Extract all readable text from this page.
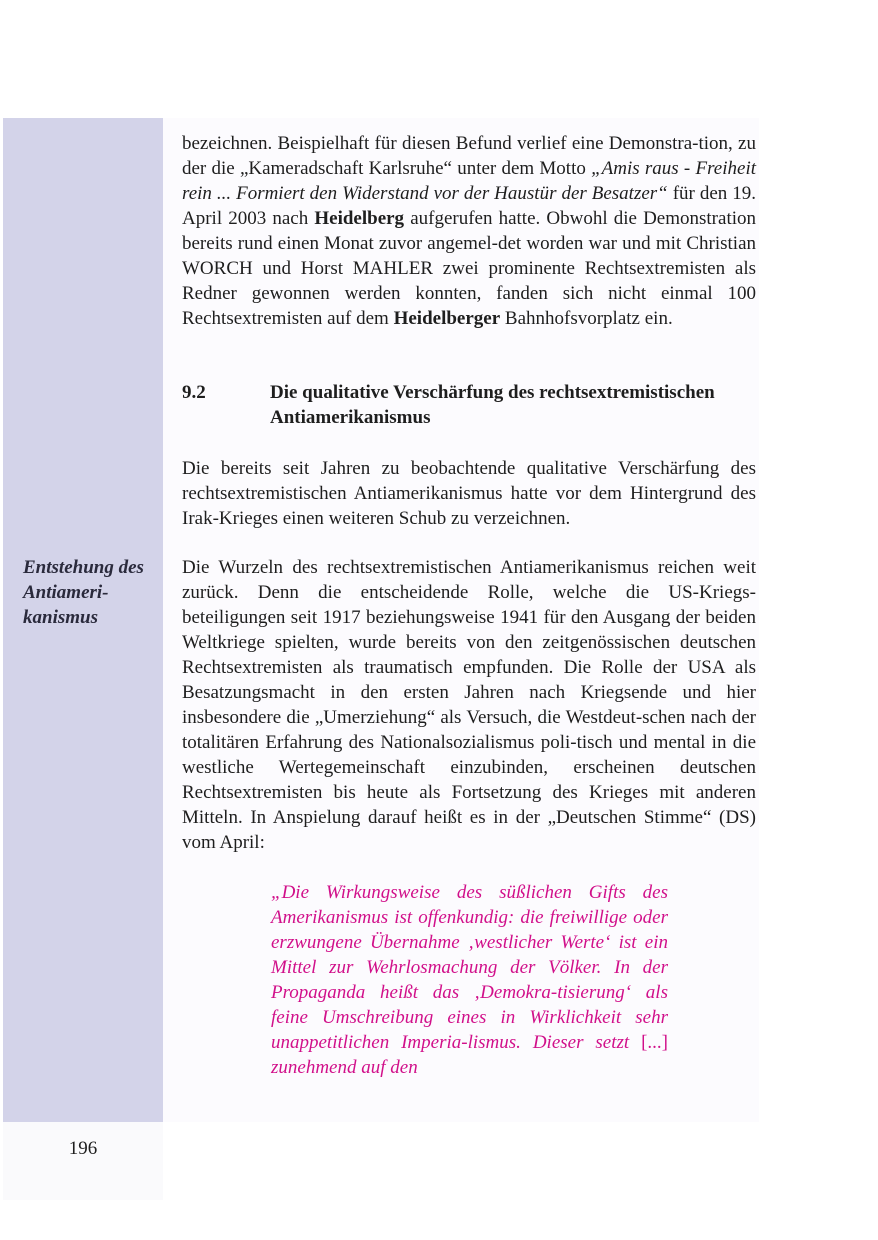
Entstehung des Antiameri-kanismus

bezeichnen. Beispielhaft für diesen Befund verlief eine Demonstra-tion, zu der die „Kameradschaft Karlsruhe“ unter dem Motto „Amis raus - Freiheit rein ... Formiert den Widerstand vor der Haustür der Besatzer“ für den 19. April 2003 nach Heidelberg aufgerufen hatte. Obwohl die Demonstration bereits rund einen Monat zuvor angemel-det worden war und mit Christian WORCH und Horst MAHLER zwei prominente Rechtsextremisten als Redner gewonnen werden konnten, fanden sich nicht einmal 100 Rechtsextremisten auf dem Heidelberger Bahnhofsvorplatz ein.

9.2	Die qualitative Verschärfung des rechtsextremistischen Antiamerikanismus

Die bereits seit Jahren zu beobachtende qualitative Verschärfung des rechtsextremistischen Antiamerikanismus hatte vor dem Hintergrund des Irak-Krieges einen weiteren Schub zu verzeichnen.

Die Wurzeln des rechtsextremistischen Antiamerikanismus reichen weit zurück. Denn die entscheidende Rolle, welche die US-Kriegs-beteiligungen seit 1917 beziehungsweise 1941 für den Ausgang der beiden Weltkriege spielten, wurde bereits von den zeitgenössischen deutschen Rechtsextremisten als traumatisch empfunden. Die Rolle der USA als Besatzungsmacht in den ersten Jahren nach Kriegsende und hier insbesondere die „Umerziehung“ als Versuch, die Westdeut-schen nach der totalitären Erfahrung des Nationalsozialismus poli-tisch und mental in die westliche Wertegemeinschaft einzubinden, erscheinen deutschen Rechtsextremisten bis heute als Fortsetzung des Krieges mit anderen Mitteln. In Anspielung darauf heißt es in der „Deutschen Stimme“ (DS) vom April:

„Die Wirkungsweise des süßlichen Gifts des Amerikanismus ist offenkundig: die freiwillige oder erzwungene Übernahme ‚westlicher Werte‘ ist ein Mittel zur Wehrlosmachung der Völker. In der Propaganda heißt das ‚Demokra-tisierung‘ als feine Umschreibung eines in Wirklichkeit sehr unappetitlichen Imperia-lismus. Dieser setzt [...] zunehmend auf den

196
